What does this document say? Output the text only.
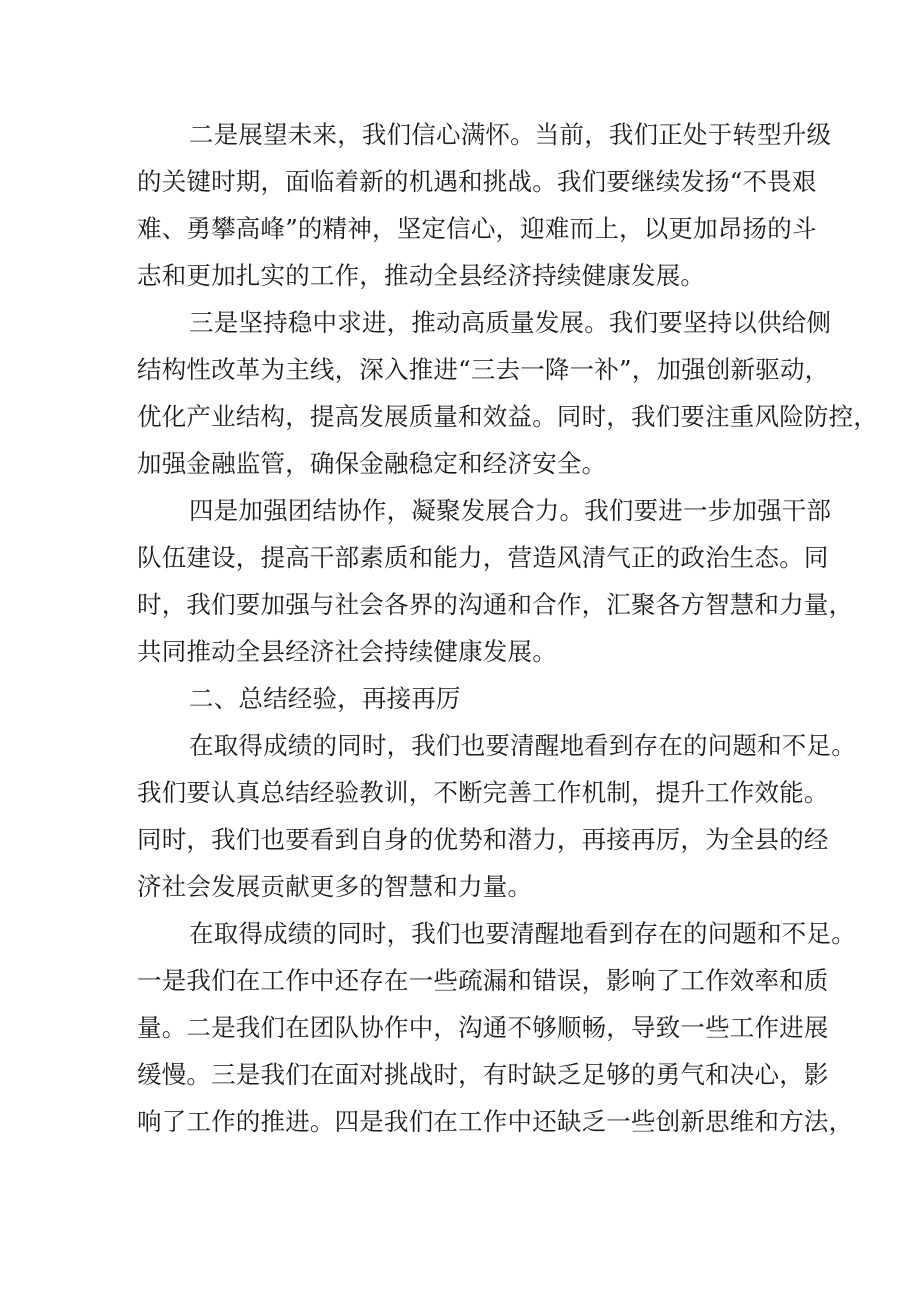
二是展望未来，我们信心满怀。当前，我们正处于转型升级
的关键时期，面临着新的机遇和挑战。我们要继续发扬“不畏艰
难、勇攀高峰”的精神，坚定信心，迎难而上，以更加昂扬的斗
志和更加扎实的工作，推动全县经济持续健康发展。
三是坚持稳中求进，推动高质量发展。我们要坚持以供给侧
结构性改革为主线，深入推进“三去一降一补”，加强创新驱动，
优化产业结构，提高发展质量和效益。同时，我们要注重风险防控，
加强金融监管，确保金融稳定和经济安全。
四是加强团结协作，凝聚发展合力。我们要进一步加强干部
队伍建设，提高干部素质和能力，营造风清气正的政治生态。同
时，我们要加强与社会各界的沟通和合作，汇聚各方智慧和力量，
共同推动全县经济社会持续健康发展。
二、总结经验，再接再厉
在取得成绩的同时，我们也要清醒地看到存在的问题和不足。
我们要认真总结经验教训，不断完善工作机制，提升工作效能。
同时，我们也要看到自身的优势和潜力，再接再厉，为全县的经
济社会发展贡献更多的智慧和力量。
在取得成绩的同时，我们也要清醒地看到存在的问题和不足。
一是我们在工作中还存在一些疏漏和错误，影响了工作效率和质
量。二是我们在团队协作中，沟通不够顺畅，导致一些工作进展
缓慢。三是我们在面对挑战时，有时缺乏足够的勇气和决心，影
响了工作的推进。四是我们在工作中还缺乏一些创新思维和方法，
